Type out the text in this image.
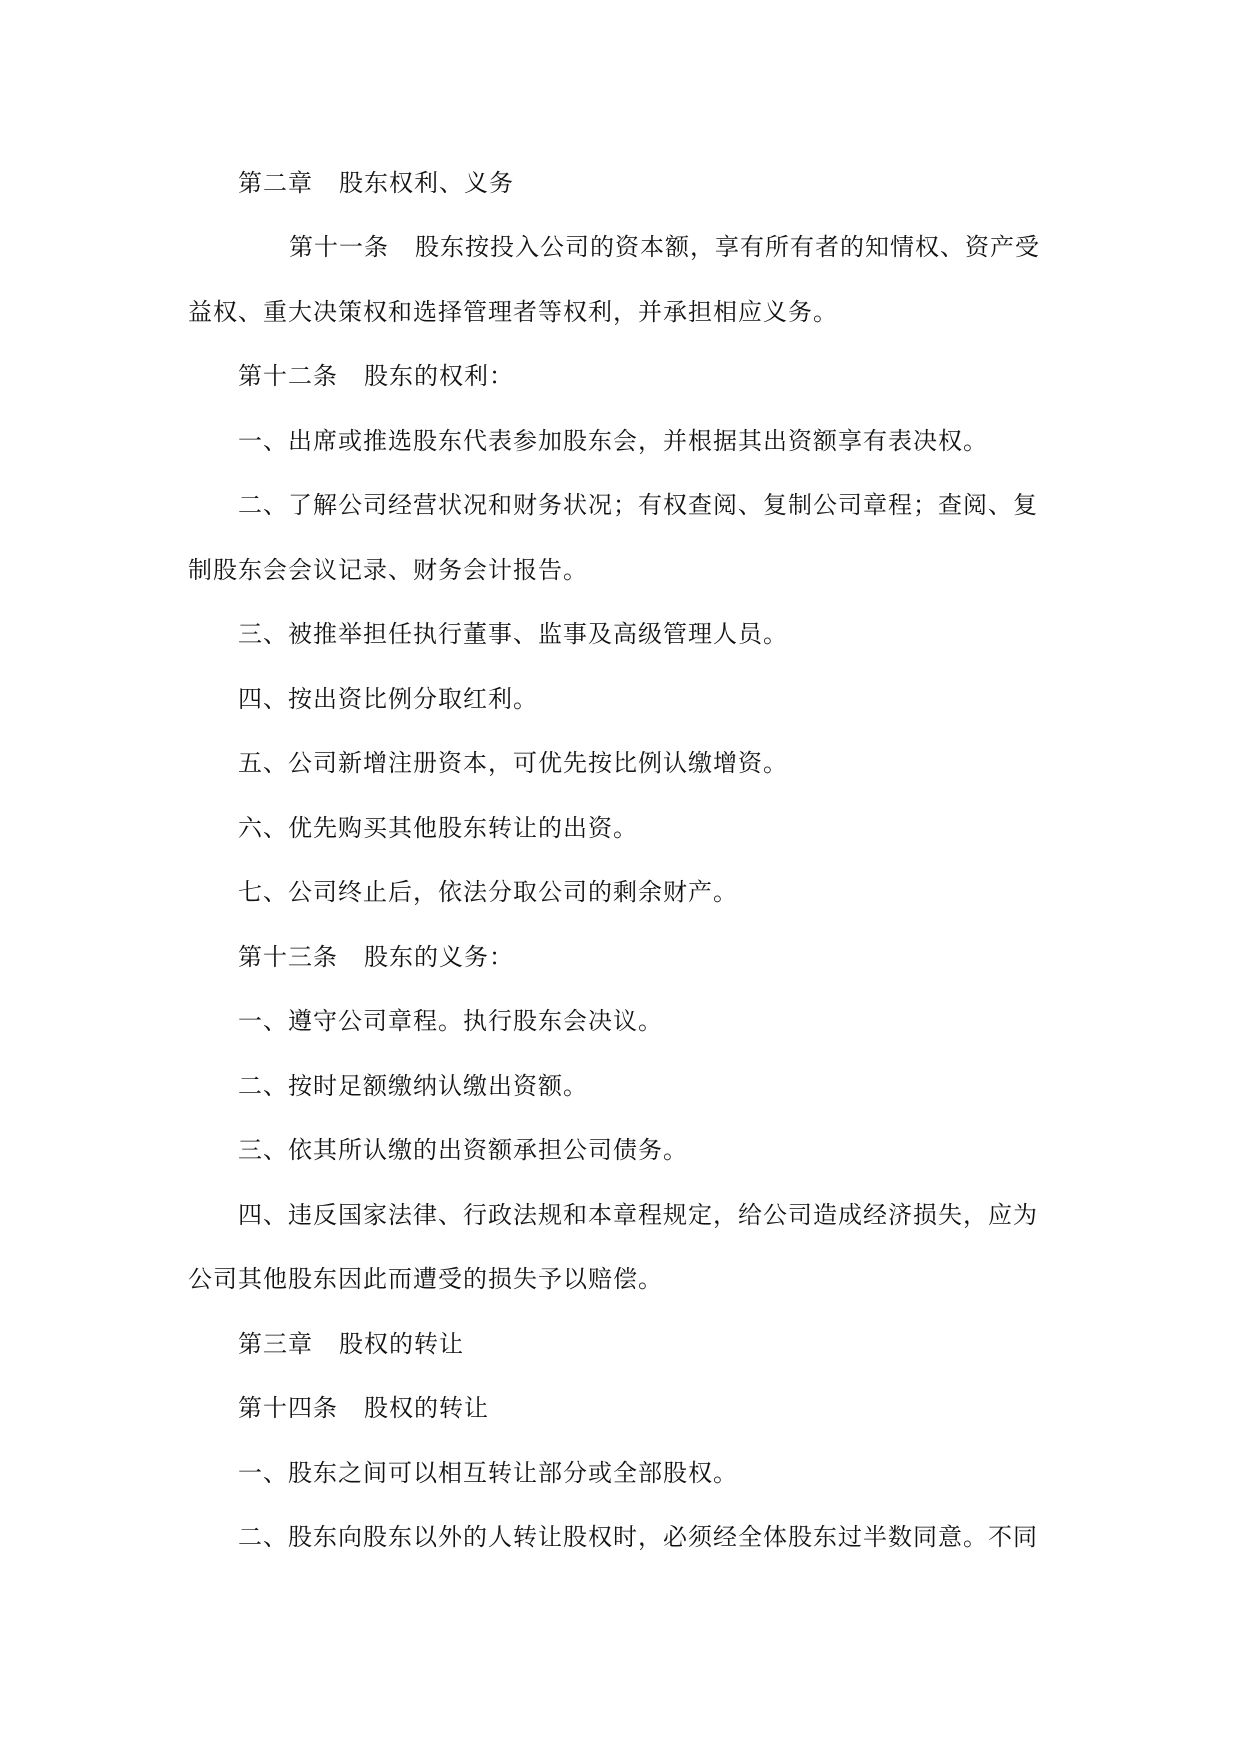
第二章 股东权利、义务
第十一条 股东按投入公司的资本额，享有所有者的知情权、资产受
益权、重大决策权和选择管理者等权利，并承担相应义务。
第十二条 股东的权利：
一、出席或推选股东代表参加股东会，并根据其出资额享有表决权。
二、了解公司经营状况和财务状况；有权查阅、复制公司章程；查阅、复
制股东会会议记录、财务会计报告。
三、被推举担任执行董事、监事及高级管理人员。
四、按出资比例分取红利。
五、公司新增注册资本，可优先按比例认缴增资。
六、优先购买其他股东转让的出资。
七、公司终止后，依法分取公司的剩余财产。
第十三条 股东的义务：
一、遵守公司章程。执行股东会决议。
二、按时足额缴纳认缴出资额。
三、依其所认缴的出资额承担公司债务。
四、违反国家法律、行政法规和本章程规定，给公司造成经济损失，应为
公司其他股东因此而遭受的损失予以赔偿。
第三章 股权的转让
第十四条 股权的转让
一、股东之间可以相互转让部分或全部股权。
二、股东向股东以外的人转让股权时，必须经全体股东过半数同意。不同
